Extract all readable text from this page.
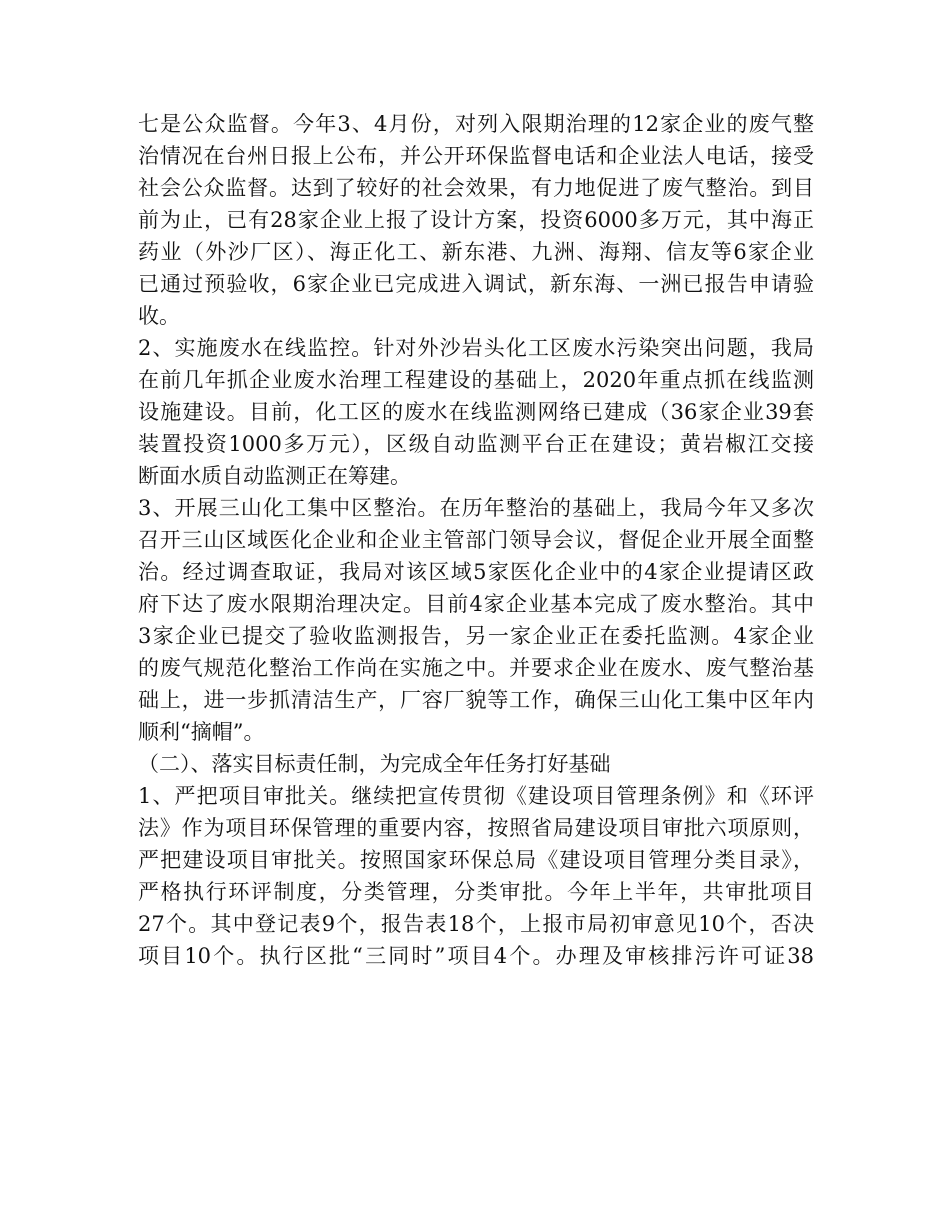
七是公众监督。今年3、4月份，对列入限期治理的12家企业的废气整
治情况在台州日报上公布，并公开环保监督电话和企业法人电话，接受
社会公众监督。达到了较好的社会效果，有力地促进了废气整治。到目
前为止，已有28家企业上报了设计方案，投资6000多万元，其中海正
药业（外沙厂区）、海正化工、新东港、九洲、海翔、信友等6家企业
已通过预验收，6家企业已完成进入调试，新东海、一洲已报告申请验
收。
2、实施废水在线监控。针对外沙岩头化工区废水污染突出问题，我局
在前几年抓企业废水治理工程建设的基础上，2020年重点抓在线监测
设施建设。目前，化工区的废水在线监测网络已建成（36家企业39套
装置投资1000多万元），区级自动监测平台正在建设；黄岩椒江交接
断面水质自动监测正在筹建。
3、开展三山化工集中区整治。在历年整治的基础上，我局今年又多次
召开三山区域医化企业和企业主管部门领导会议，督促企业开展全面整
治。经过调查取证，我局对该区域5家医化企业中的4家企业提请区政
府下达了废水限期治理决定。目前4家企业基本完成了废水整治。其中
3家企业已提交了验收监测报告，另一家企业正在委托监测。4家企业
的废气规范化整治工作尚在实施之中。并要求企业在废水、废气整治基
础上，进一步抓清洁生产，厂容厂貌等工作，确保三山化工集中区年内
顺利“摘帽”。
（二）、落实目标责任制，为完成全年任务打好基础
1、严把项目审批关。继续把宣传贯彻《建设项目管理条例》和《环评
法》作为项目环保管理的重要内容，按照省局建设项目审批六项原则，
严把建设项目审批关。按照国家环保总局《建设项目管理分类目录》，
严格执行环评制度，分类管理，分类审批。今年上半年，共审批项目
27个。其中登记表9个，报告表18个，上报市局初审意见10个，否决
项目10个。执行区批“三同时”项目4个。办理及审核排污许可证38
